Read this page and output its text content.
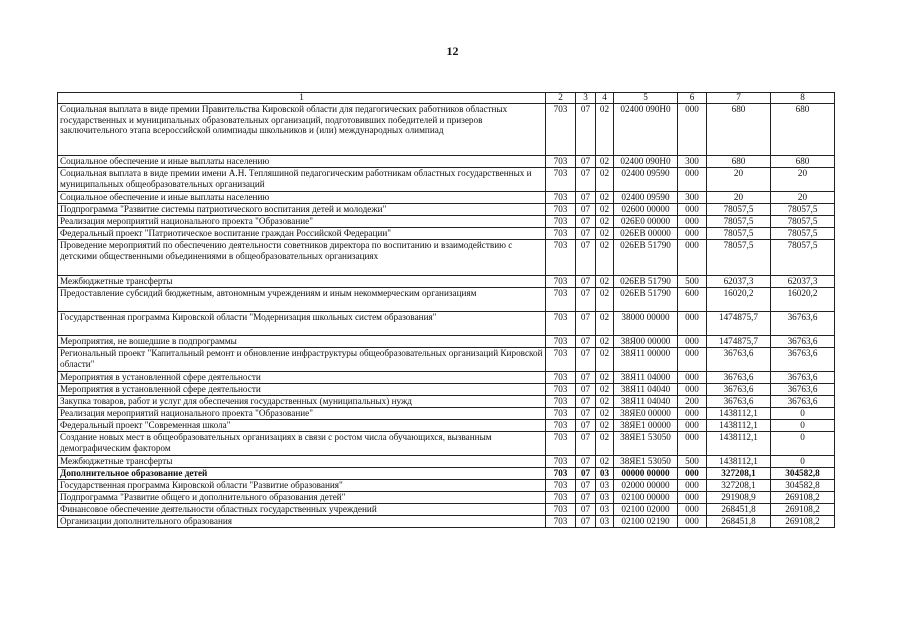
12
1	2	3	4	5	6	7	8
Социальная выплата в виде премии Правительства Кировской области для педагогических работников областных государственных и муниципальных образовательных организаций, подготовивших победителей и призеров заключительного этапа всероссийской олимпиады школьников и (или) международных олимпиад	703	07	02	02400 090Н0	000	680	680
Социальное обеспечение и иные выплаты населению	703	07	02	02400 090Н0	300	680	680
Социальная выплата в виде премии имени А.Н. Тепляшиной педагогическим работникам областных государственных и муниципальных общеобразовательных организаций	703	07	02	02400 09590	000	20	20
Социальное обеспечение и иные выплаты населению	703	07	02	02400 09590	300	20	20
Подпрограмма "Развитие системы патриотического воспитания детей и молодежи"	703	07	02	02600 00000	000	78057,5	78057,5
Реализация мероприятий национального проекта "Образование"	703	07	02	026Е0 00000	000	78057,5	78057,5
Федеральный проект "Патриотическое воспитание граждан Российской Федерации"	703	07	02	026ЕВ 00000	000	78057,5	78057,5
Проведение мероприятий по обеспечению деятельности советников директора по воспитанию и взаимодействию с детскими общественными объединениями в общеобразовательных организациях	703	07	02	026ЕВ 51790	000	78057,5	78057,5
Межбюджетные трансферты	703	07	02	026ЕВ 51790	500	62037,3	62037,3
Предоставление субсидий бюджетным, автономным учреждениям и иным некоммерческим организациям	703	07	02	026ЕВ 51790	600	16020,2	16020,2
Государственная программа Кировской области "Модернизация школьных систем образования"	703	07	02	38000 00000	000	1474875,7	36763,6
Мероприятия, не вошедшие в подпрограммы	703	07	02	38Я00 00000	000	1474875,7	36763,6
Региональный проект "Капитальный ремонт и обновление инфраструктуры общеобразовательных организаций Кировской области"	703	07	02	38Я11 00000	000	36763,6	36763,6
Мероприятия в установленной сфере деятельности	703	07	02	38Я11 04000	000	36763,6	36763,6
Мероприятия в установленной сфере деятельности	703	07	02	38Я11 04040	000	36763,6	36763,6
Закупка товаров, работ и услуг для обеспечения государственных (муниципальных) нужд	703	07	02	38Я11 04040	200	36763,6	36763,6
Реализация мероприятий национального проекта "Образование"	703	07	02	38ЯЕ0 00000	000	1438112,1	0
Федеральный проект "Современная школа"	703	07	02	38ЯЕ1 00000	000	1438112,1	0
Создание новых мест в общеобразовательных организациях в связи с ростом числа обучающихся, вызванным демографическим фактором	703	07	02	38ЯЕ1 53050	000	1438112,1	0
Межбюджетные трансферты	703	07	02	38ЯЕ1 53050	500	1438112,1	0
Дополнительное образование детей	703	07	03	00000 00000	000	327208,1	304582,8
Государственная программа Кировской области "Развитие образования"	703	07	03	02000 00000	000	327208,1	304582,8
Подпрограмма "Развитие общего и дополнительного образования детей"	703	07	03	02100 00000	000	291908,9	269108,2
Финансовое обеспечение деятельности областных государственных учреждений	703	07	03	02100 02000	000	268451,8	269108,2
Организации дополнительного образования	703	07	03	02100 02190	000	268451,8	269108,2
